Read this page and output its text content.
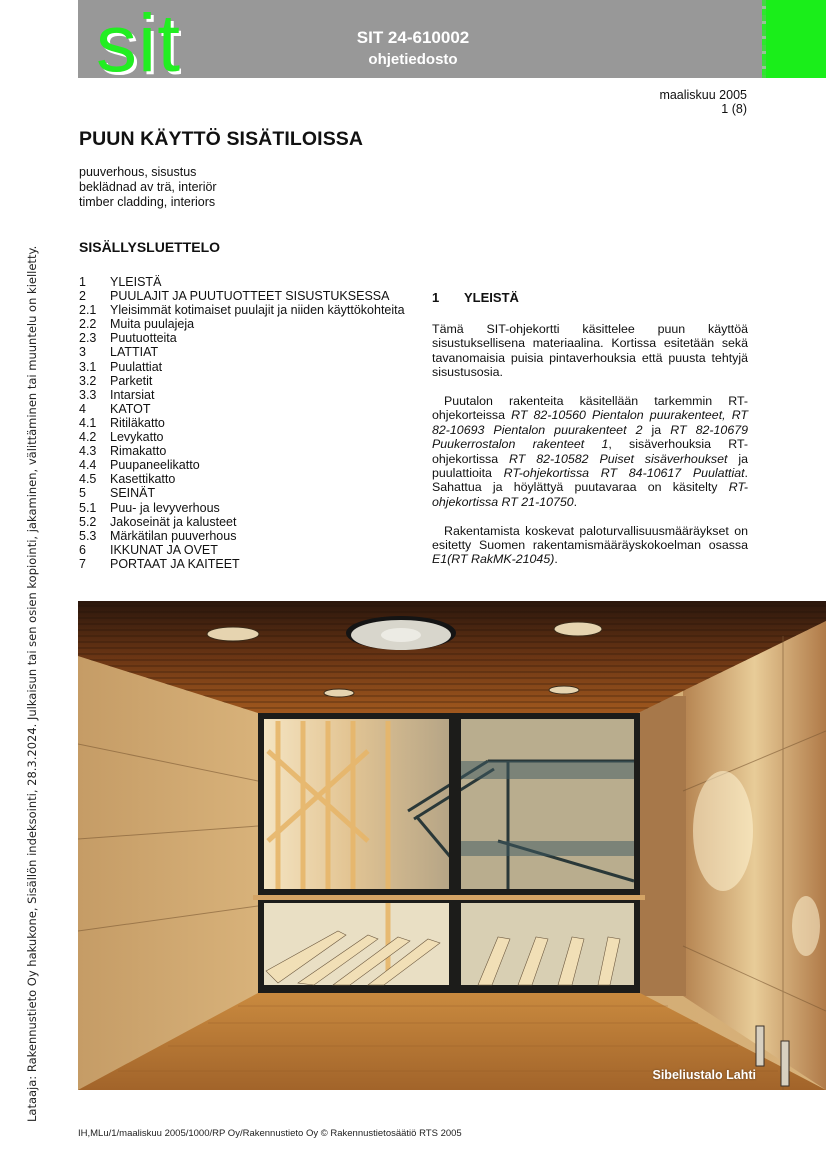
sit	SIT 24-610002
ohjetiedosto
maaliskuu 2005
1 (8)
PUUN KÄYTTÖ SISÄTILOISSA
puuverhous, sisustus
beklädnad av trä, interiör
timber cladding, interiors
SISÄLLYSLUETTELO
1	YLEISTÄ
2	PUULAJIT JA PUUTUOTTEET SISUSTUKSESSA
2.1	Yleisimmät kotimaiset puulajit ja niiden käyttökohteita
2.2	Muita puulajeja
2.3	Puutuotteita
3	LATTIAT
3.1	Puulattiat
3.2	Parketit
3.3	Intarsiat
4	KATOT
4.1	Ritiläkatto
4.2	Levykatto
4.3	Rimakatto
4.4	Puupaneelikatto
4.5	Kasettikatto
5	SEINÄT
5.1	Puu- ja levyverhous
5.2	Jakoseinät ja kalusteet
5.3	Märkätilan puuverhous
6	IKKUNAT JA OVET
7	PORTAAT JA KAITEET
1 YLEISTÄ

Tämä SIT-ohjekortti käsittelee puun käyttöä sisustuksellisena materiaalina. Kortissa esitetään sekä tavanomaisia puisia pintaverhouksia että puusta tehtyjä sisustusosia.

Puutalon rakenteita käsitellään tarkemmin RT-ohjekorteissa RT 82-10560 Pientalon puurakenteet, RT 82-10693 Pientalon puurakenteet 2 ja RT 82-10679 Puukerrostalon rakenteet 1, sisäverhouksia RT-ohjekortissa RT 82-10582 Puiset sisäverhoukset ja puulattioita RT-ohjekortissa RT 84-10617 Puulattiat. Sahattua ja höylättyä puutavaraa on käsitelty RT-ohjekortissa RT 21-10750.

Rakentamista koskevat paloturvallisuusmääräykset on esitetty Suomen rakentamismääräyskokoelman osassa E1(RT RakMK-21045).

Sibeliustalo Lahti
Lataaja: Rakennustieto Oy hakukone, Sisällön indeksointi, 28.3.2024. Julkaisun tai sen osien kopiointi, jakaminen, välittäminen tai muuntelu on kielletty.
IH,MLu/1/maaliskuu 2005/1000/RP Oy/Rakennustieto Oy © Rakennustietosäätiö RTS 2005
